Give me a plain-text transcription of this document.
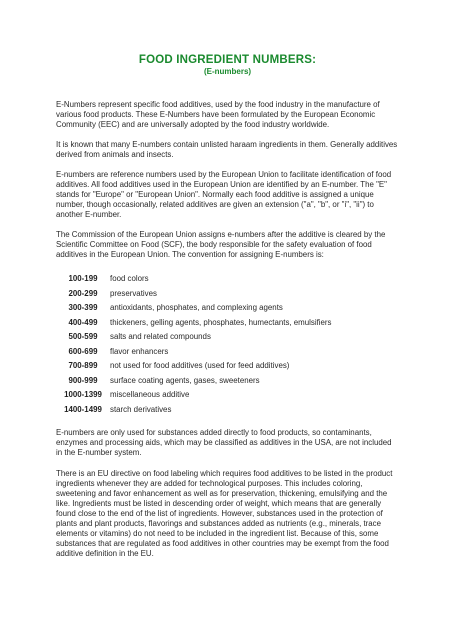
FOOD INGREDIENT NUMBERS:
(E-numbers)

E-Numbers represent specific food additives, used by the food industry in the manufacture of various food products. These E-Numbers have been formulated by the European Economic Community (EEC) and are universally adopted by the food industry worldwide.

It is known that many E-numbers contain unlisted haraam ingredients in them. Generally additives derived from animals and insects.

E-numbers are reference numbers used by the European Union to facilitate identification of food additives. All food additives used in the European Union are identified by an E-number. The "E" stands for "Europe" or "European Union". Normally each food additive is assigned a unique number, though occasionally, related additives are given an extension ("a", "b", or "i", "ii") to another E-number.

The Commission of the European Union assigns e-numbers after the additive is cleared by the Scientific Committee on Food (SCF), the body responsible for the safety evaluation of food additives in the European Union. The convention for assigning E-numbers is:

100-199	food colors
200-299	preservatives
300-399	antioxidants, phosphates, and complexing agents
400-499	thickeners, gelling agents, phosphates, humectants, emulsifiers
500-599	salts and related compounds
600-699	flavor enhancers
700-899	not used for food additives (used for feed additives)
900-999	surface coating agents, gases, sweeteners
1000-1399	miscellaneous additive
1400-1499	starch derivatives

E-numbers are only used for substances added directly to food products, so contaminants, enzymes and processing aids, which may be classified as additives in the USA, are not included in the E-number system.

There is an EU directive on food labeling which requires food additives to be listed in the product ingredients whenever they are added for technological purposes. This includes coloring, sweetening and favor enhancement as well as for preservation, thickening, emulsifying and the like. Ingredients must be listed in descending order of weight, which means that are generally found close to the end of the list of ingredients. However, substances used in the protection of plants and plant products, flavorings and substances added as nutrients (e.g., minerals, trace elements or vitamins) do not need to be included in the ingredient list. Because of this, some substances that are regulated as food additives in other countries may be exempt from the food additive definition in the EU.
